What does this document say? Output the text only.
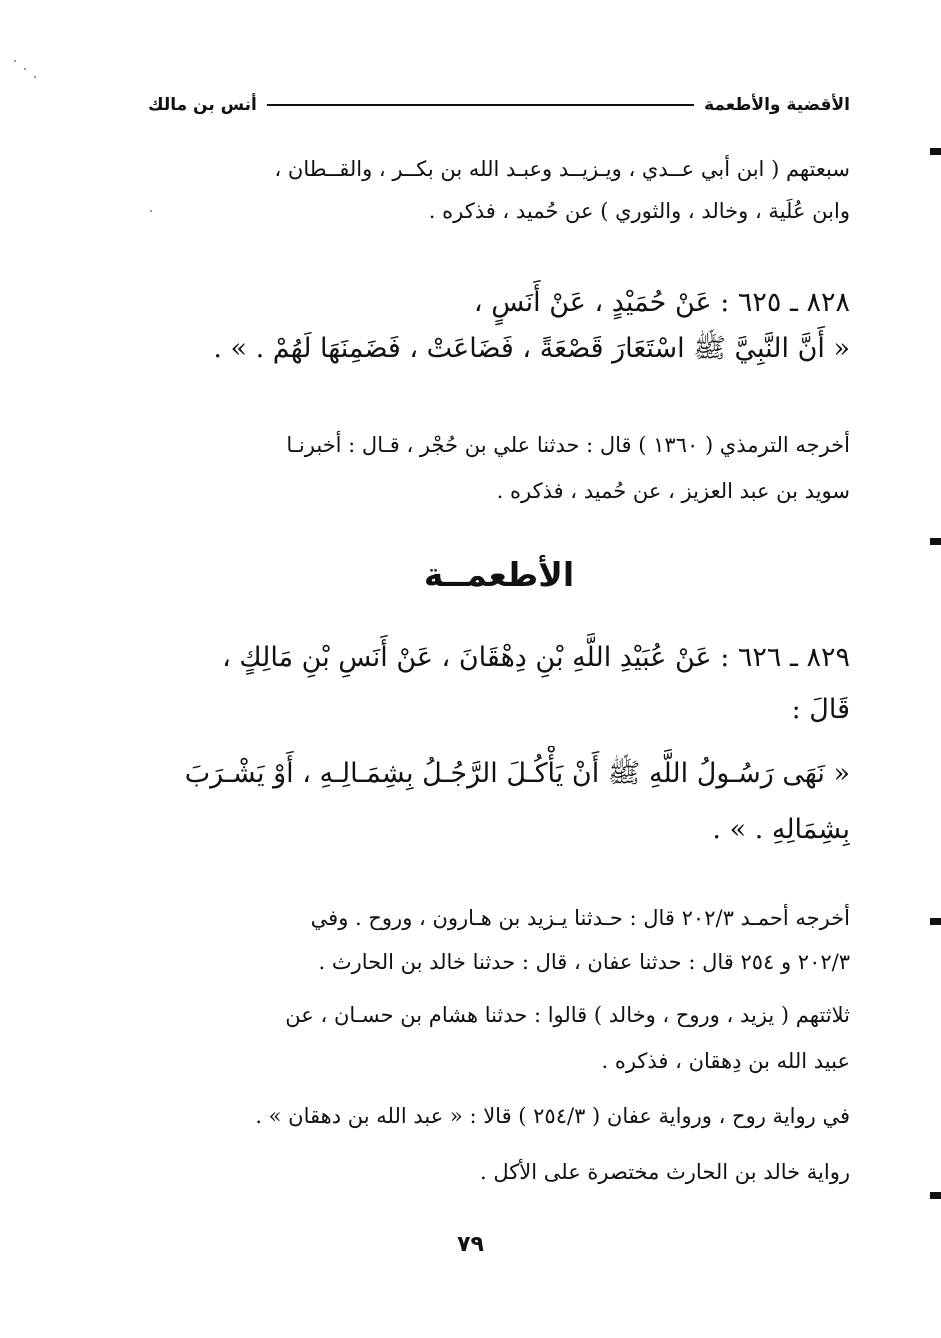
الأقضية والأطعمة
أنس بن مالك
سبعتهم ( ابن أبي عــدي ، ويـزيــد وعبـد الله بن بكــر ، والقــطان ،
وابن عُلَية ، وخالد ، والثوري ) عن حُميد ، فذكره .
٨٢٨ ـ ٦٢٥ : عَنْ حُمَيْدٍ ، عَنْ أَنَسٍ ،
« أَنَّ النَّبِيَّ ﷺ اسْتَعَارَ قَصْعَةً ، فَضَاعَتْ ، فَضَمِنَهَا لَهُمْ . » .
أخرجه الترمذي ( ١٣٦٠ ) قال : حدثنا علي بن حُجْر ، قـال : أخبرنـا
سويد بن عبد العزيز ، عن حُميد ، فذكره .
الأطعمــة
٨٢٩ ـ ٦٢٦ : عَنْ عُبَيْدِ اللَّهِ بْنِ دِهْقَانَ ، عَنْ أَنَسِ بْنِ مَالِكٍ ،
قَالَ :
« نَهَى رَسُـولُ اللَّهِ ﷺ أَنْ يَأْكُـلَ الرَّجُـلُ بِشِمَـالِـهِ ، أَوْ يَشْـرَبَ
بِشِمَالِهِ . » .
أخرجه أحمـد ٢٠٢/٣ قال : حـدثنا يـزيد بن هـارون ، وروح . وفي
٢٠٢/٣ و ٢٥٤ قال : حدثنا عفان ، قال : حدثنا خالد بن الحارث .
ثلاثتهم ( يزيد ، وروح ، وخالد ) قالوا : حدثنا هشام بن حسـان ، عن
عبيد الله بن دِهقان ، فذكره .
في رواية روح ، ورواية عفان ( ٢٥٤/٣ ) قالا : « عبد الله بن دهقان » .
رواية خالد بن الحارث مختصرة على الأكل .
٧٩
